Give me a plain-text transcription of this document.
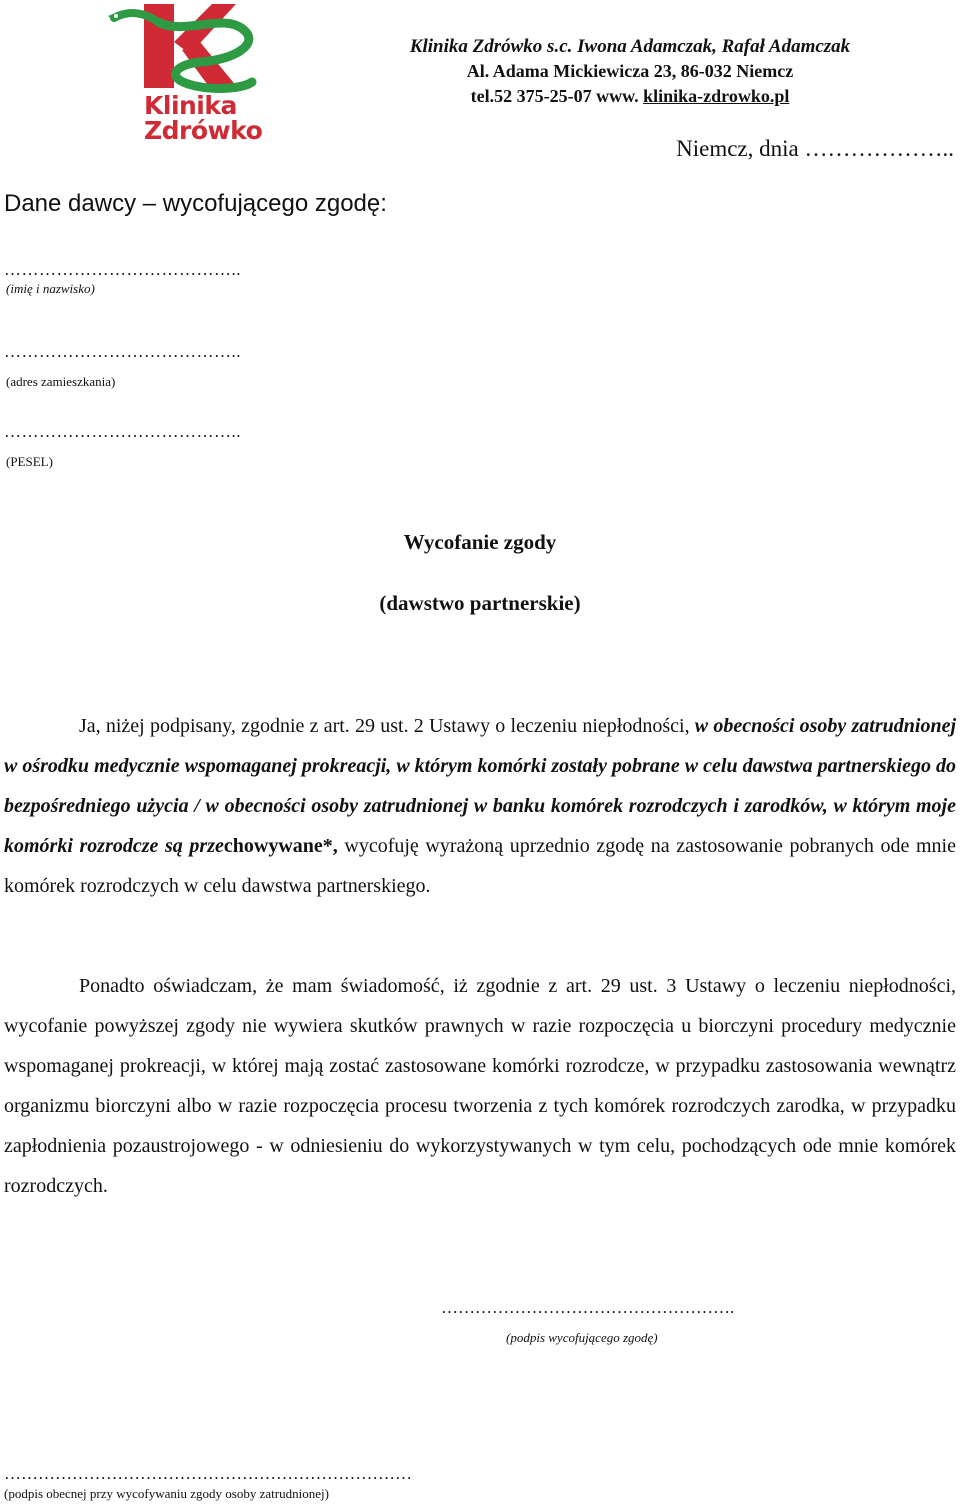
Klinika
Zdrówko
Klinika Zdrówko s.c. Iwona Adamczak, Rafał Adamczak
Al. Adama Mickiewicza 23, 86-032 Niemcz
tel.52 375-25-07 www. klinika-zdrowko.pl
Niemcz, dnia ………………..
Dane dawcy – wycofującego zgodę:
…………………………………..
(imię i nazwisko)
…………………………………..
(adres zamieszkania)
…………………………………..
(PESEL)
Wycofanie zgody
(dawstwo partnerskie)
Ja, niżej podpisany, zgodnie z art. 29 ust. 2 Ustawy o leczeniu niepłodności, w obecności osoby zatrudnionej w ośrodku medycznie wspomaganej prokreacji, w którym komórki zostały pobrane w celu dawstwa partnerskiego do bezpośredniego użycia / w obecności osoby zatrudnionej w banku komórek rozrodczych i zarodków, w którym moje komórki rozrodcze są przechowywane*, wycofuję wyrażoną uprzednio zgodę na zastosowanie pobranych ode mnie komórek rozrodczych w celu dawstwa partnerskiego.
Ponadto oświadczam, że mam świadomość, iż zgodnie z art. 29 ust. 3 Ustawy o leczeniu niepłodności, wycofanie powyższej zgody nie wywiera skutków prawnych w razie rozpoczęcia u biorczyni procedury medycznie wspomaganej prokreacji, w której mają zostać zastosowane komórki rozrodcze, w przypadku zastosowania wewnątrz organizmu biorczyni albo w razie rozpoczęcia procesu tworzenia z tych komórek rozrodczych zarodka, w przypadku zapłodnienia pozaustrojowego - w odniesieniu do wykorzystywanych w tym celu, pochodzących ode mnie komórek rozrodczych.
…………………………………………….
(podpis wycofującego zgodę)
………………………………………………………………
(podpis obecnej przy wycofywaniu zgody osoby zatrudnionej)
